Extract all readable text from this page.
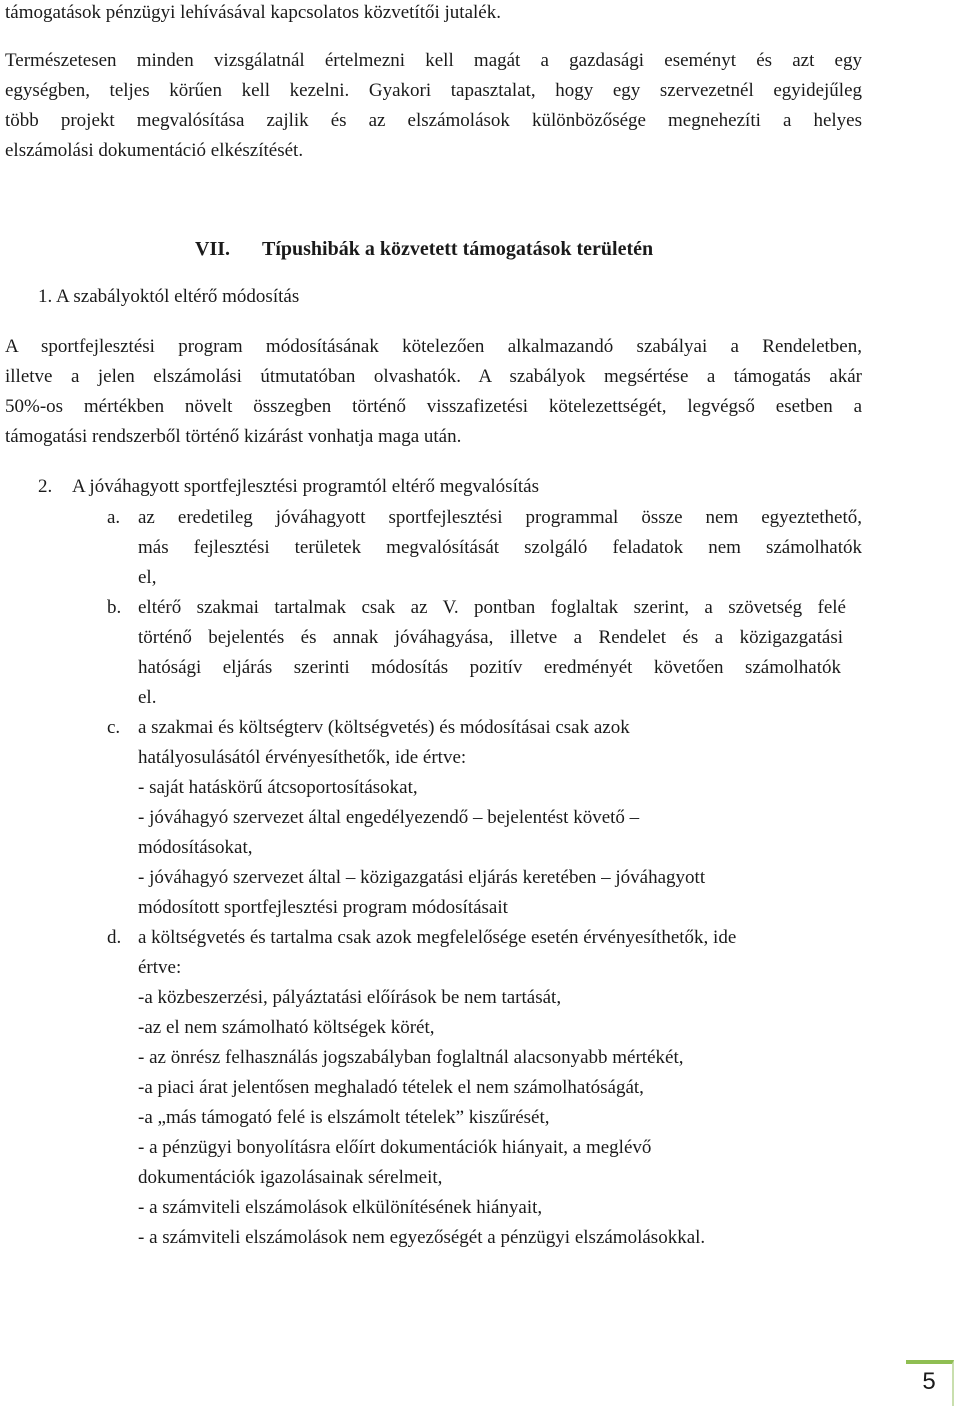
támogatások pénzügyi lehívásával kapcsolatos közvetítői jutalék.
Természetesen minden vizsgálatnál értelmezni kell magát a gazdasági eseményt és azt egy
egységben, teljes körűen kell kezelni. Gyakori tapasztalat, hogy egy szervezetnél egyidejűleg
több projekt megvalósítása zajlik és az elszámolások különbözősége megnehezíti a helyes
elszámolási dokumentáció elkészítését.
VII. Típushibák a közvetett támogatások területén
1. A szabályoktól eltérő módosítás
A sportfejlesztési program módosításának kötelezően alkalmazandó szabályai a Rendeletben,
illetve a jelen elszámolási útmutatóban olvashatók. A szabályok megsértése a támogatás akár
50%-os mértékben növelt összegben történő visszafizetési kötelezettségét, legvégső esetben a
támogatási rendszerből történő kizárást vonhatja maga után.
2. A jóváhagyott sportfejlesztési programtól eltérő megvalósítás
a. az eredetileg jóváhagyott sportfejlesztési programmal össze nem egyeztethető,
más fejlesztési területek megvalósítását szolgáló feladatok nem számolhatók
el,
b. eltérő szakmai tartalmak csak az V. pontban foglaltak szerint, a szövetség felé
történő bejelentés és annak jóváhagyása, illetve a Rendelet és a közigazgatási
hatósági eljárás szerinti módosítás pozitív eredményét követően számolhatók
el.
c. a szakmai és költségterv (költségvetés) és módosításai csak azok
hatályosulásától érvényesíthetők, ide értve:
- saját hatáskörű átcsoportosításokat,
- jóváhagyó szervezet által engedélyezendő – bejelentést követő –
módosításokat,
- jóváhagyó szervezet által – közigazgatási eljárás keretében – jóváhagyott
módosított sportfejlesztési program módosításait
d. a költségvetés és tartalma csak azok megfelelősége esetén érvényesíthetők, ide
értve:
-a közbeszerzési, pályáztatási előírások be nem tartását,
-az el nem számolható költségek körét,
- az önrész felhasználás jogszabályban foglaltnál alacsonyabb mértékét,
-a piaci árat jelentősen meghaladó tételek el nem számolhatóságát,
-a „más támogató felé is elszámolt tételek” kiszűrését,
- a pénzügyi bonyolításra előírt dokumentációk hiányait, a meglévő
dokumentációk igazolásainak sérelmeit,
- a számviteli elszámolások elkülönítésének hiányait,
- a számviteli elszámolások nem egyezőségét a pénzügyi elszámolásokkal.
5
